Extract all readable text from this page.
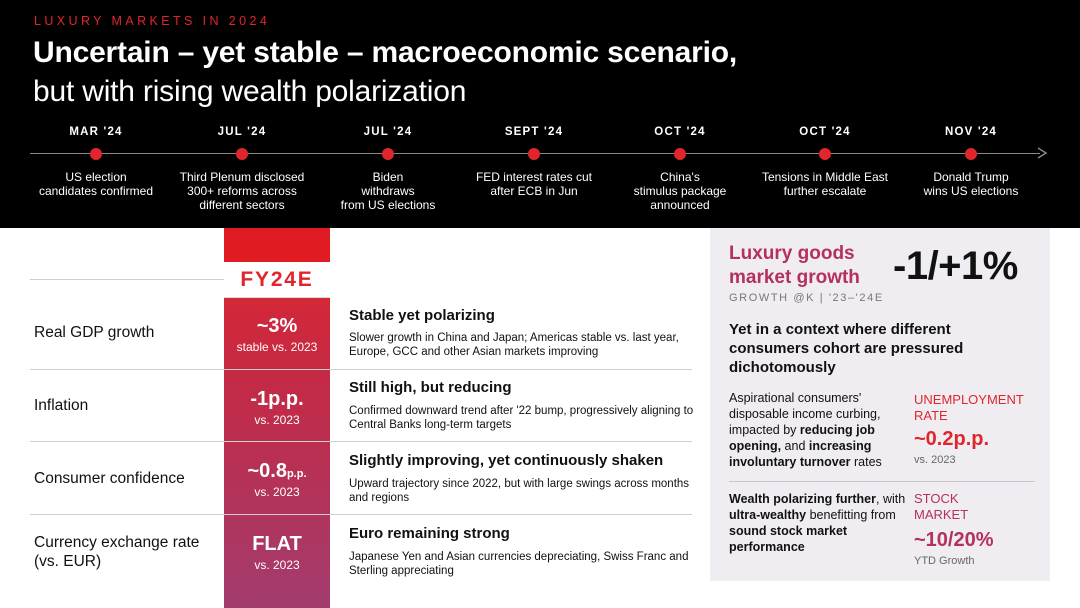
LUXURY MARKETS IN 2024
Uncertain – yet stable – macroeconomic scenario,
but with rising wealth polarization
MAR '24
US election
candidates confirmed
JUL '24
Third Plenum disclosed
300+ reforms across
different sectors
JUL '24
Biden
withdraws
from US elections
SEPT '24
FED interest rates cut
after ECB in Jun
OCT '24
China's
stimulus package
announced
OCT '24
Tensions in Middle East
further escalate
NOV '24
Donald Trump
wins US elections
FY24E
Real GDP growth	~3%
stable vs. 2023
Stable yet polarizing
Slower growth in China and Japan; Americas stable vs. last year, Europe, GCC and other Asian markets improving
Inflation	-1p.p.
vs. 2023
Still high, but reducing
Confirmed downward trend after '22 bump, progressively aligning to Central Banks long-term targets
Consumer confidence	~0.8p.p.
vs. 2023
Slightly improving, yet continuously shaken
Upward trajectory since 2022, but with large swings across months and regions
Currency exchange rate
(vs. EUR)
FLAT
vs. 2023
Euro remaining strong
Japanese Yen and Asian currencies depreciating, Swiss Franc and Sterling appreciating
Luxury goods
market growth -1/+1%
GROWTH @K | '23–'24E
Yet in a context where different consumers cohort are pressured dichotomously
Aspirational consumers' disposable income curbing, impacted by reducing job opening, and increasing involuntary turnover rates
UNEMPLOYMENT
RATE
~0.2p.p.
vs. 2023
Wealth polarizing further, with ultra-wealthy benefitting from sound stock market performance
STOCK
MARKET
~10/20%
YTD Growth
